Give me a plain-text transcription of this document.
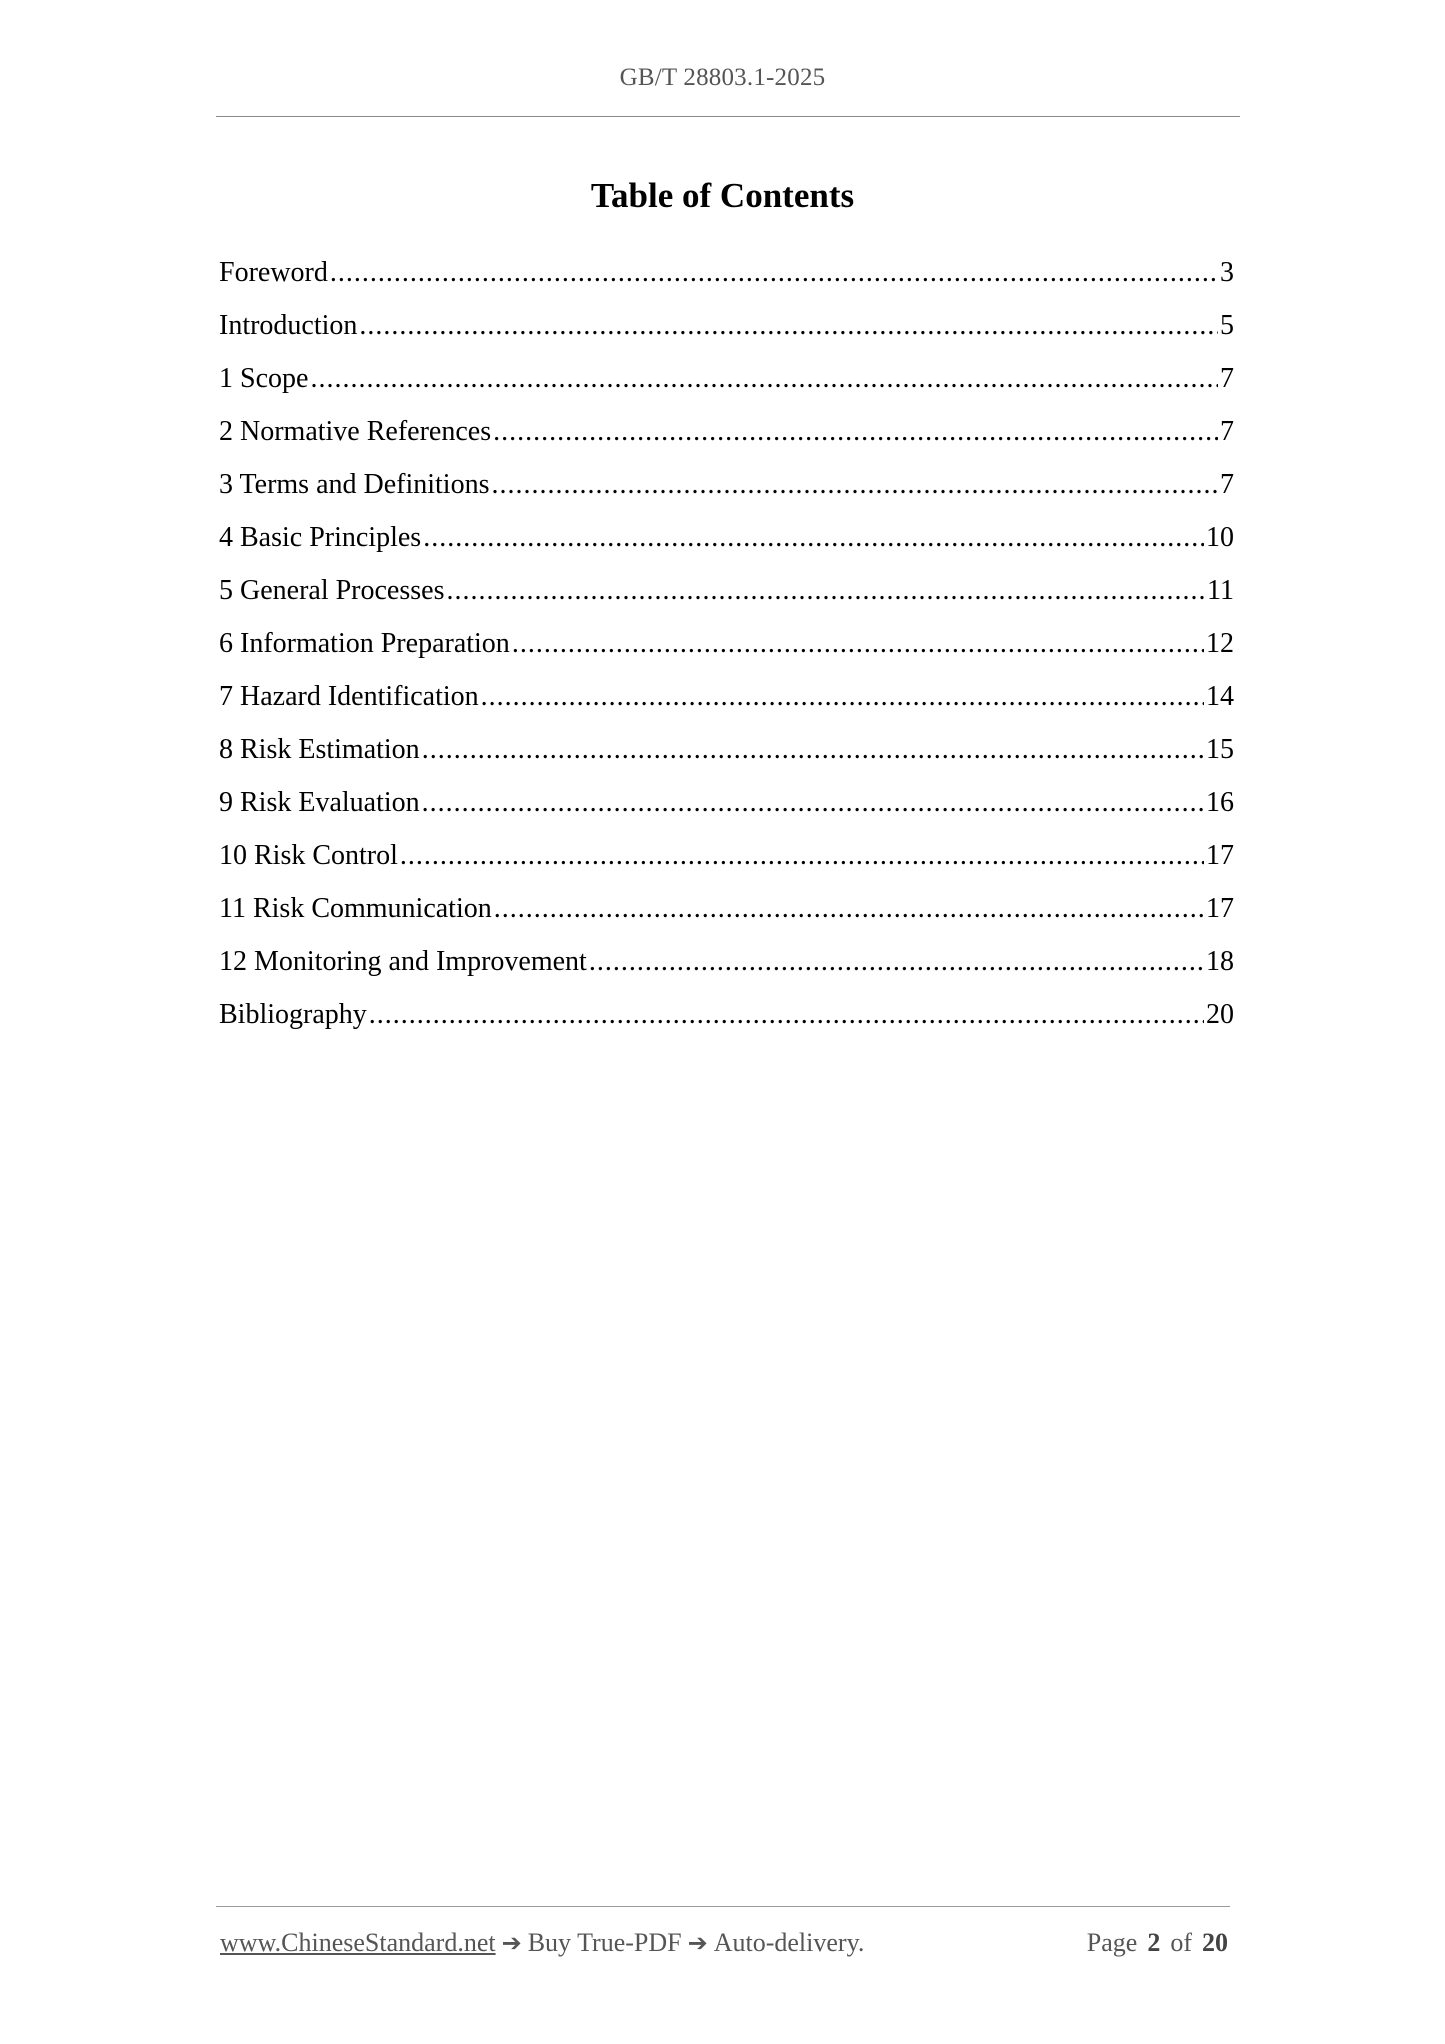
GB/T 28803.1-2025
Table of Contents
Foreword .....	3
Introduction .....	5
1 Scope .....	7
2 Normative References .....	7
3 Terms and Definitions .....	7
4 Basic Principles .....	10
5 General Processes .....	11
6 Information Preparation .....	12
7 Hazard Identification .....	14
8 Risk Estimation .....	15
9 Risk Evaluation .....	16
10 Risk Control .....	17
11 Risk Communication .....	17
12 Monitoring and Improvement .....	18
Bibliography .....	20
www.ChineseStandard.net ➔ Buy True-PDF ➔ Auto-delivery.	Page 2 of 20
